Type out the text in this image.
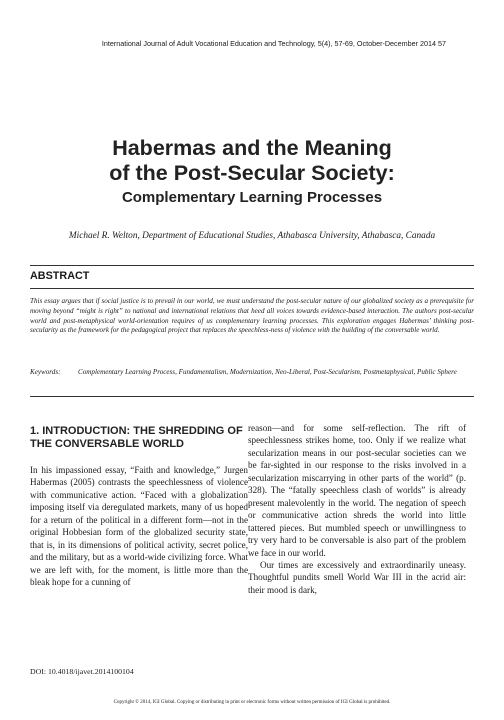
International Journal of Adult Vocational Education and Technology, 5(4), 57-69, October-December 2014 57
Habermas and the Meaning
of the Post-Secular Society:
Complementary Learning Processes
Michael R. Welton, Department of Educational Studies, Athabasca University, Athabasca, Canada
ABSTRACT
This essay argues that if social justice is to prevail in our world, we must understand the post-secular nature of our globalized society as a prerequisite for moving beyond “might is right” to national and international relations that heed all voices towards evidence-based interaction. The authors post-secular world and post-metaphysical world-orientation requires of us complementary learning processes. This exploration engages Habermas’ thinking post-secularity as the framework for the pedagogical project that replaces the speechless-ness of violence with the building of the conversable world.
Keywords: Complementary Learning Process, Fundamentalism, Modernization, Neo-Liberal, Post-Secularism, Postmetaphysical, Public Sphere
1. INTRODUCTION: THE SHREDDING OF THE CONVERSABLE WORLD

In his impassioned essay, “Faith and knowledge,” Jurgen Habermas (2005) contrasts the speechlessness of violence with communicative action. “Faced with a globalization imposing itself via deregulated markets, many of us hoped for a return of the political in a different form—not in the original Hobbesian form of the globalized security state, that is, in its dimensions of political activity, secret police, and the military, but as a world-wide civilizing force. What we are left with, for the moment, is little more than the bleak hope for a cunning of

reason—and for some self-reflection. The rift of speechlessness strikes home, too. Only if we realize what secularization means in our post-secular societies can we be far-sighted in our response to the risks involved in a secularization miscarrying in other parts of the world” (p. 328). The “fatally speechless clash of worlds” is already present malevolently in the world. The negation of speech or communicative action shreds the world into little tattered pieces. But mumbled speech or unwillingness to try very hard to be conversable is also part of the problem we face in our world.

Our times are excessively and extraordinarily uneasy. Thoughtful pundits smell World War III in the acrid air: their mood is dark,

DOI: 10.4018/ijavet.2014100104
Copyright © 2014, IGI Global. Copying or distributing in print or electronic forms without written permission of IGI Global is prohibited.
